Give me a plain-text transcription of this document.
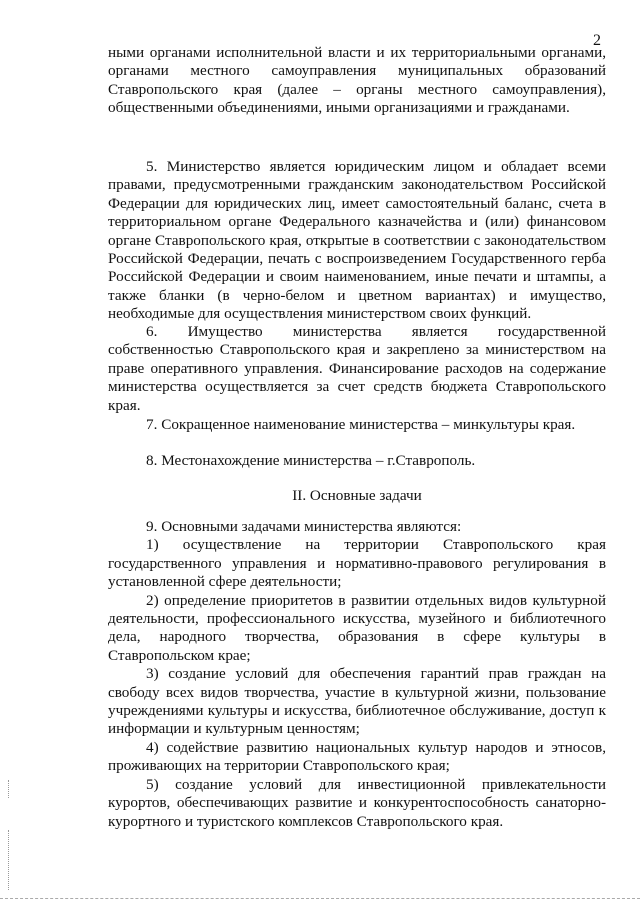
2

ными органами исполнительной власти и их территориальными органами, органами местного самоуправления муниципальных образований Ставропольского края (далее – органы местного самоуправления), общественными объединениями, иными организациями и гражданами.

5. Министерство является юридическим лицом и обладает всеми правами, предусмотренными гражданским законодательством Российской Федерации для юридических лиц, имеет самостоятельный баланс, счета в территориальном органе Федерального казначейства и (или) финансовом органе Ставропольского края, открытые в соответствии с законодательством Российской Федерации, печать с воспроизведением Государственного герба Российской Федерации и своим наименованием, иные печати и штампы, а также бланки (в черно-белом и цветном вариантах) и имущество, необходимые для осуществления министерством своих функций.

6. Имущество министерства является государственной собственностью Ставропольского края и закреплено за министерством на праве оперативного управления. Финансирование расходов на содержание министерства осуществляется за счет средств бюджета Ставропольского края.

7. Сокращенное наименование министерства – минкультуры края.

8. Местонахождение министерства – г.Ставрополь.

II. Основные задачи

9. Основными задачами министерства являются:

1) осуществление на территории Ставропольского края государственного управления и нормативно-правового регулирования в установленной сфере деятельности;

2) определение приоритетов в развитии отдельных видов культурной деятельности, профессионального искусства, музейного и библиотечного дела, народного творчества, образования в сфере культуры в Ставропольском крае;

3) создание условий для обеспечения гарантий прав граждан на свободу всех видов творчества, участие в культурной жизни, пользование учреждениями культуры и искусства, библиотечное обслуживание, доступ к информации и культурным ценностям;

4) содействие развитию национальных культур народов и этносов, проживающих на территории Ставропольского края;

5) создание условий для инвестиционной привлекательности курортов, обеспечивающих развитие и конкурентоспособность санаторно-курортного и туристского комплексов Ставропольского края.
